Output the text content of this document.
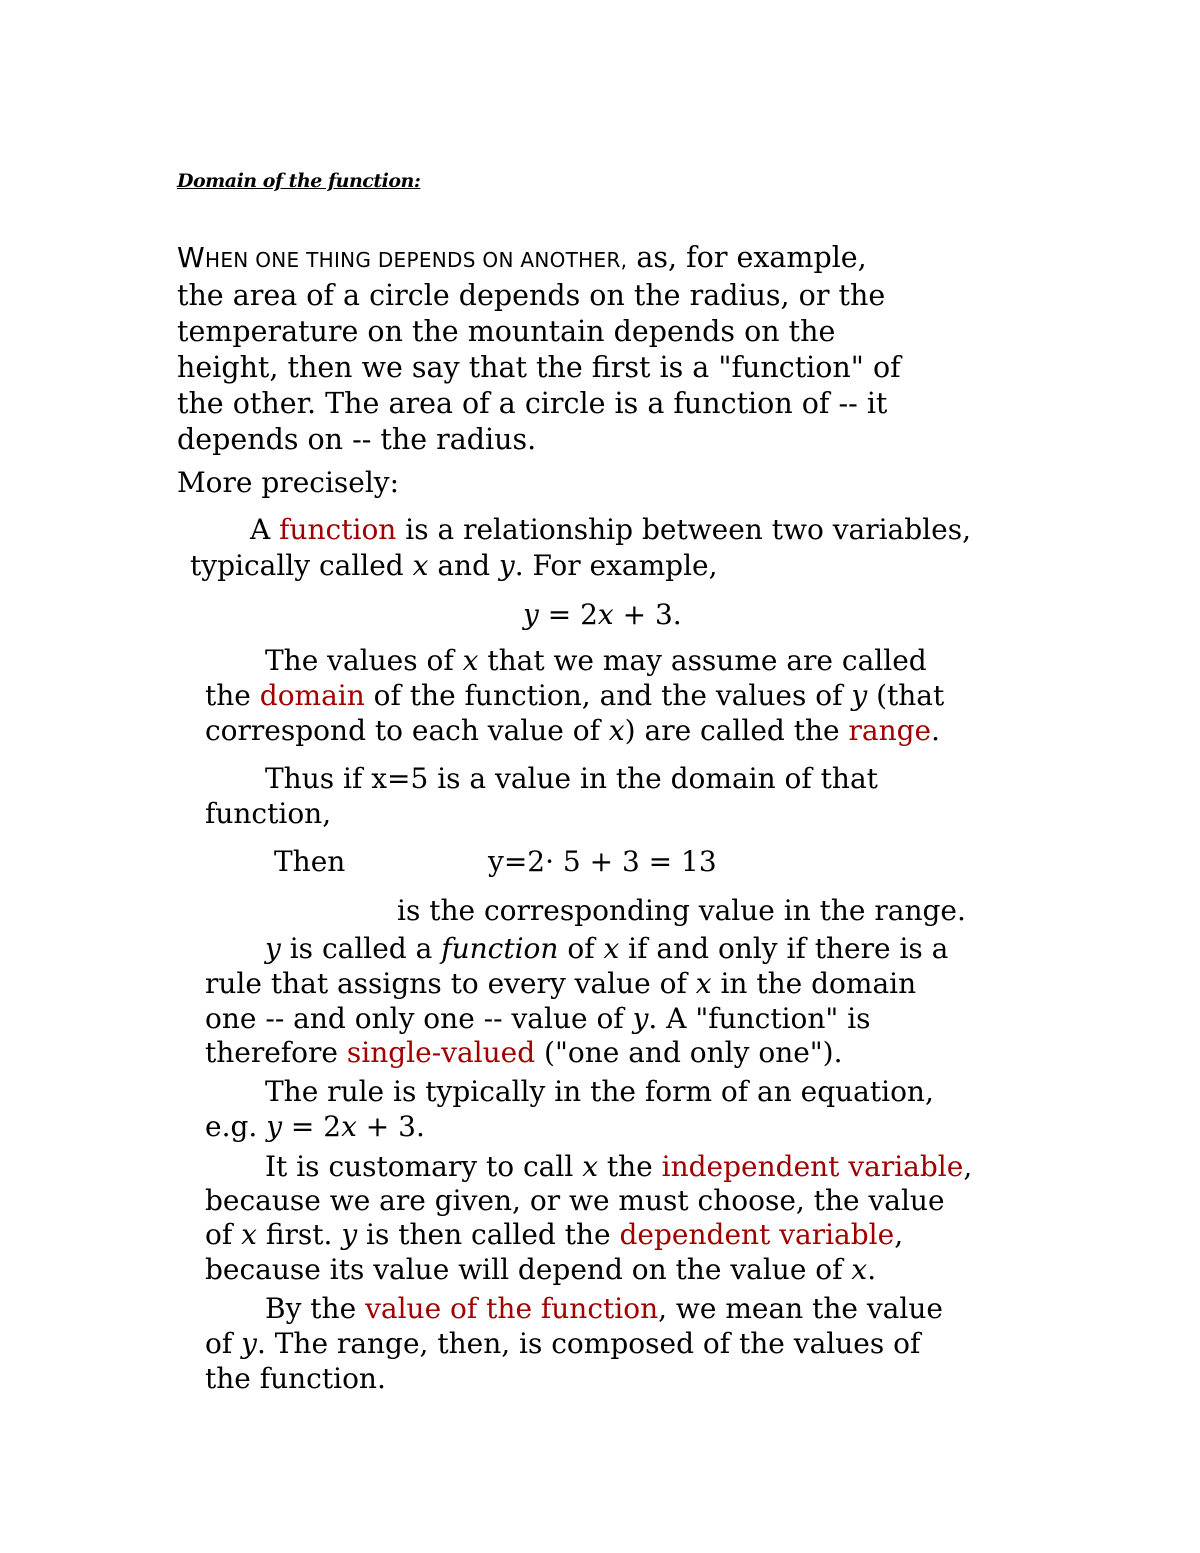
Domain of the function:
WHEN ONE THING DEPENDS ON ANOTHER, as, for example,
the area of a circle depends on the radius, or the
temperature on the mountain depends on the
height, then we say that the first is a "function" of
the other. The area of a circle is a function of -- it
depends on -- the radius.
More precisely:
A function is a relationship between two variables,
typically called x and y. For example,
y = 2x + 3.
The values of x that we may assume are called
the domain of the function, and the values of y (that
correspond to each value of x) are called the range.
Thus if x=5 is a value in the domain of that
function,
Then	y=2· 5 + 3 = 13
is the corresponding value in the range.
y is called a function of x if and only if there is a
rule that assigns to every value of x in the domain
one -- and only one -- value of y. A "function" is
therefore single-valued ("one and only one").
The rule is typically in the form of an equation,
e.g. y = 2x + 3.
It is customary to call x the independent variable,
because we are given, or we must choose, the value
of x first. y is then called the dependent variable,
because its value will depend on the value of x.
By the value of the function, we mean the value
of y. The range, then, is composed of the values of
the function.
